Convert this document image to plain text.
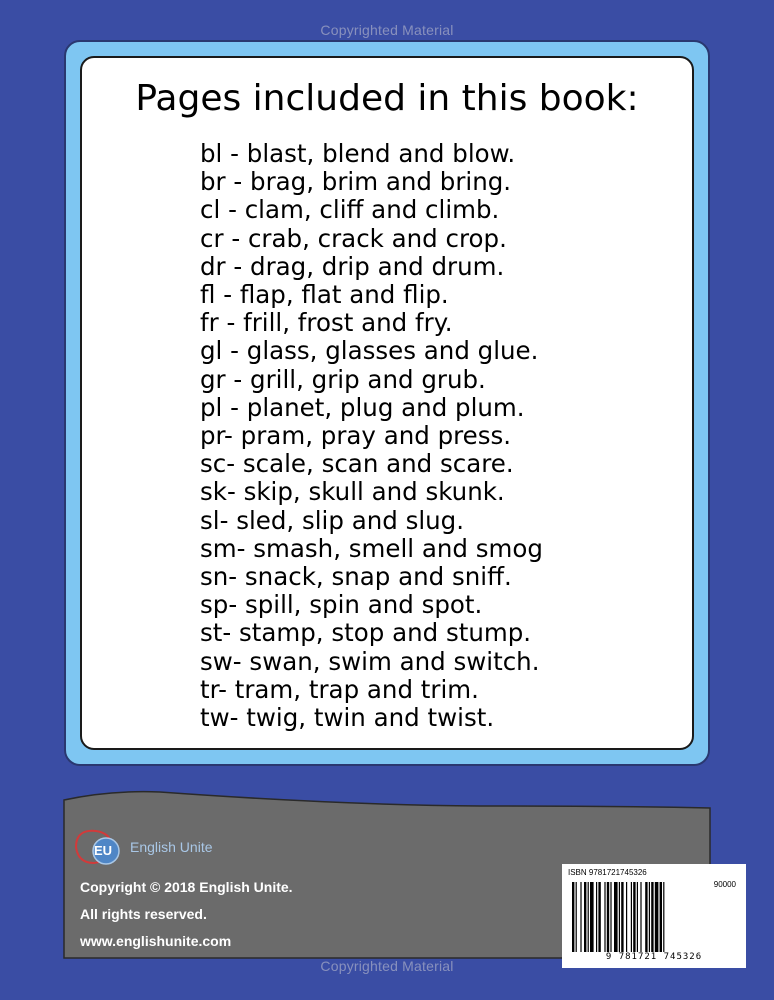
Copyrighted Material
Pages included in this book:
bl - blast, blend and blow.
br - brag, brim and bring.
cl - clam, cliff and climb.
cr - crab, crack and crop.
dr - drag, drip and drum.
fl - flap, flat and flip.
fr - frill, frost and fry.
gl - glass, glasses and glue.
gr - grill, grip and grub.
pl - planet, plug and plum.
pr- pram, pray and press.
sc- scale, scan and scare.
sk- skip, skull and skunk.
sl- sled, slip and slug.
sm- smash, smell and smog
sn- snack, snap and sniff.
sp- spill, spin and spot.
st- stamp, stop and stump.
sw- swan, swim and switch.
tr- tram, trap and trim.
tw- twig, twin and twist.
EU English Unite
Copyright © 2018 English Unite.
All rights reserved.
www.englishunite.com
ISBN 9781721745326
90000
9 781721 745326
Copyrighted Material
